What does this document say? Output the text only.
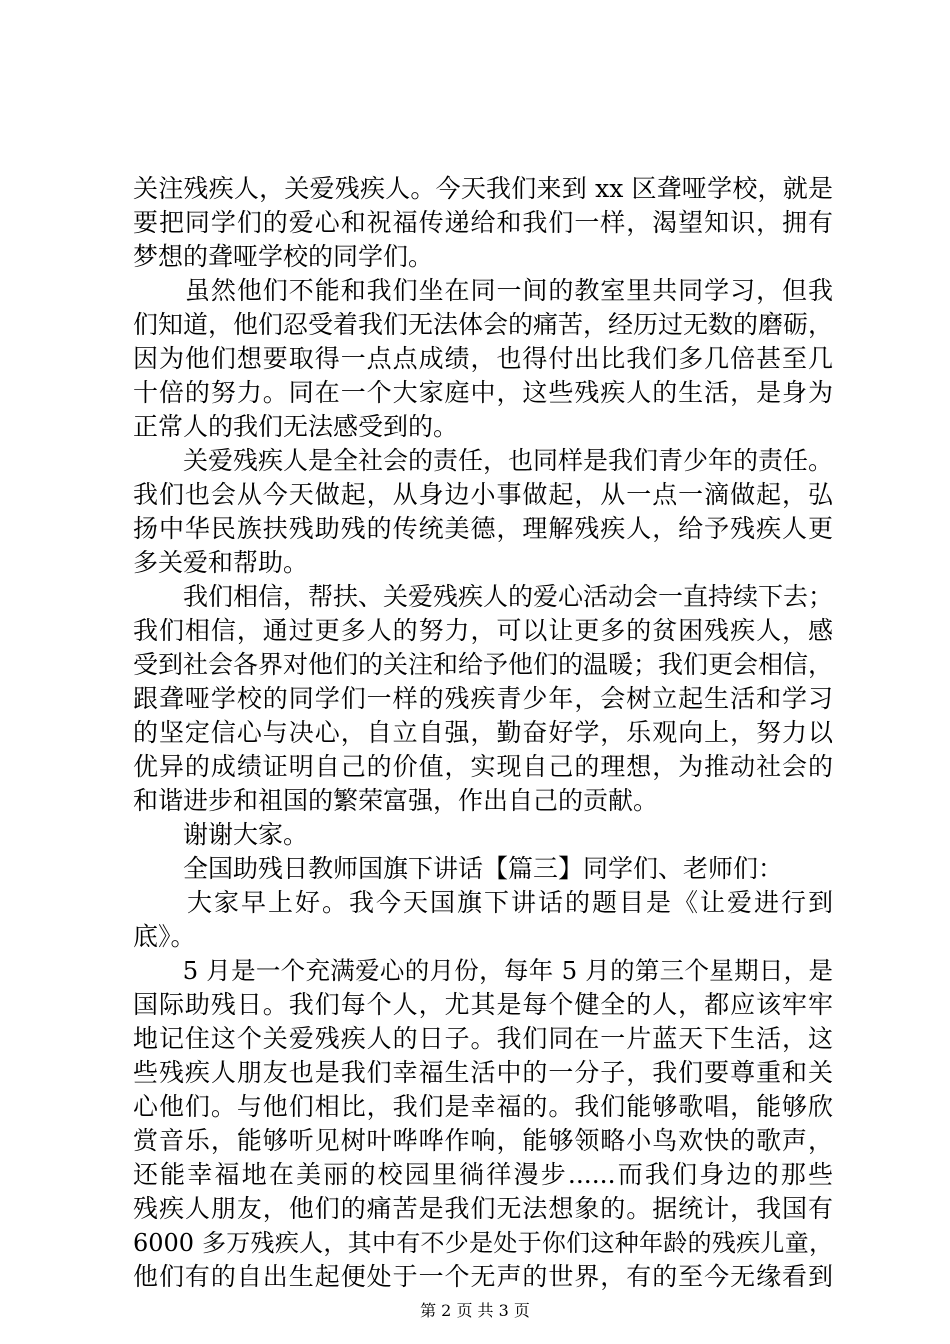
关注残疾人，关爱残疾人。今天我们来到 xx 区聋哑学校，就是
要把同学们的爱心和祝福传递给和我们一样，渴望知识，拥有
梦想的聋哑学校的同学们。
　　虽然他们不能和我们坐在同一间的教室里共同学习，但我
们知道，他们忍受着我们无法体会的痛苦，经历过无数的磨砺，
因为他们想要取得一点点成绩，也得付出比我们多几倍甚至几
十倍的努力。同在一个大家庭中，这些残疾人的生活，是身为
正常人的我们无法感受到的。
　　关爱残疾人是全社会的责任，也同样是我们青少年的责任。
我们也会从今天做起，从身边小事做起，从一点一滴做起，弘
扬中华民族扶残助残的传统美德，理解残疾人，给予残疾人更
多关爱和帮助。
　　我们相信，帮扶、关爱残疾人的爱心活动会一直持续下去；
我们相信，通过更多人的努力，可以让更多的贫困残疾人，感
受到社会各界对他们的关注和给予他们的温暖；我们更会相信，
跟聋哑学校的同学们一样的残疾青少年，会树立起生活和学习
的坚定信心与决心，自立自强，勤奋好学，乐观向上，努力以
优异的成绩证明自己的价值，实现自己的理想，为推动社会的
和谐进步和祖国的繁荣富强，作出自己的贡献。
　　谢谢大家。
　　全国助残日教师国旗下讲话【篇三】同学们、老师们：
　　大家早上好。我今天国旗下讲话的题目是《让爱进行到
底》。
　　5 月是一个充满爱心的月份，每年 5 月的第三个星期日，是
国际助残日。我们每个人，尤其是每个健全的人，都应该牢牢
地记住这个关爱残疾人的日子。我们同在一片蓝天下生活，这
些残疾人朋友也是我们幸福生活中的一分子，我们要尊重和关
心他们。与他们相比，我们是幸福的。我们能够歌唱，能够欣
赏音乐，能够听见树叶哗哗作响，能够领略小鸟欢快的歌声，
还能幸福地在美丽的校园里徜徉漫步......而我们身边的那些
残疾人朋友，他们的痛苦是我们无法想象的。据统计，我国有
6000 多万残疾人，其中有不少是处于你们这种年龄的残疾儿童，
他们有的自出生起便处于一个无声的世界，有的至今无缘看到
第 2 页 共 3 页
